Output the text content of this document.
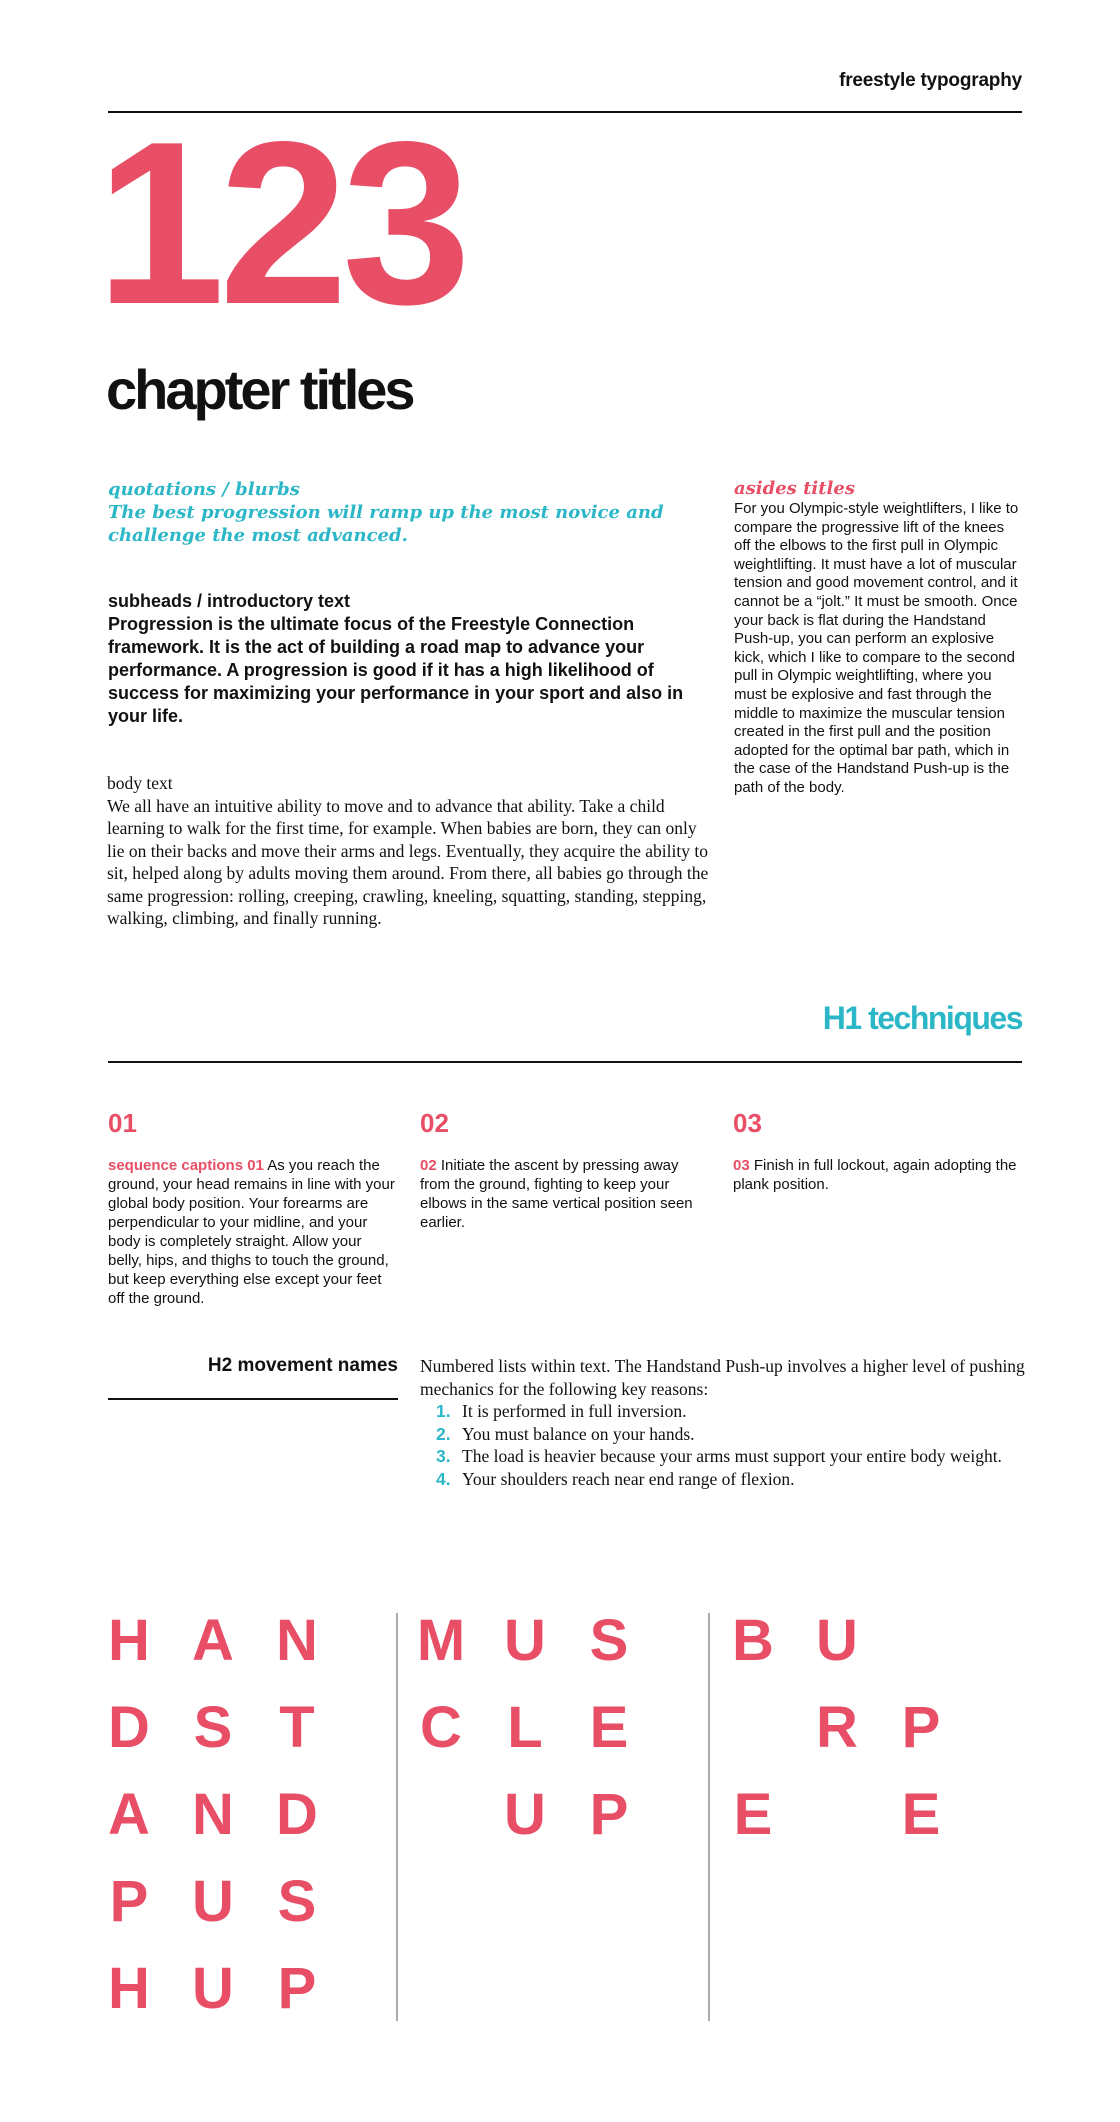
freestyle typography
123
chapter titles
quotations / blurbs
The best progression will ramp up the most novice and challenge the most advanced.
subheads / introductory text
Progression is the ultimate focus of the Freestyle Connection framework. It is the act of building a road map to advance your performance. A progression is good if it has a high likelihood of success for maximizing your performance in your sport and also in your life.
body text
We all have an intuitive ability to move and to advance that ability. Take a child learning to walk for the first time, for example. When babies are born, they can only lie on their backs and move their arms and legs. Eventually, they acquire the ability to sit, helped along by adults moving them around. From there, all babies go through the same progression: rolling, creeping, crawling, kneeling, squatting, standing, stepping, walking, climbing, and finally running.
asides titles
For you Olympic-style weightlifters, I like to compare the progressive lift of the knees off the elbows to the first pull in Olympic weightlifting. It must have a lot of muscular tension and good movement control, and it cannot be a “jolt.” It must be smooth. Once your back is flat during the Handstand Push-up, you can perform an explosive kick, which I like to compare to the second pull in Olympic weightlifting, where you must be explosive and fast through the middle to maximize the muscular tension created in the first pull and the position adopted for the optimal bar path, which in the case of the Handstand Push-up is the path of the body.
H1 techniques
01
sequence captions 01 As you reach the ground, your head remains in line with your global body position. Your forearms are perpendicular to your midline, and your body is completely straight. Allow your belly, hips, and thighs to touch the ground, but keep everything else except your feet off the ground.
02
02 Initiate the ascent by pressing away from the ground, fighting to keep your elbows in the same vertical position seen earlier.
03
03 Finish in full lockout, again adopting the plank position.
H2 movement names Numbered lists within text. The Handstand Push-up involves a higher level of pushing mechanics for the following key reasons:
1. It is performed in full inversion.
2. You must balance on your hands.
3. The load is heavier because your arms must support your entire body weight.
4. Your shoulders reach near end range of flexion.
H A N
D S T
A N D
P U S
H U P
M U S
C L E
U P
B U
R P
E E
